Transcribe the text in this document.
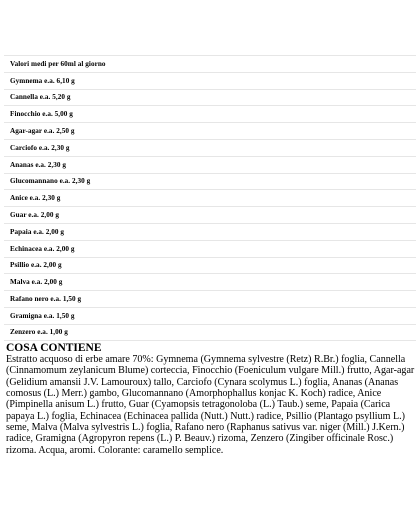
Valori medi per 60ml al giorno
Gymnema e.a. 6,10 g
Cannella e.a. 5,20 g
Finocchio e.a. 5,00 g
Agar-agar e.a. 2,50 g
Carciofo e.a. 2,30 g
Ananas e.a. 2,30 g
Glucomannano e.a. 2,30 g
Anice e.a. 2,30 g
Guar e.a. 2,00 g
Papaia e.a. 2,00 g
Echinacea e.a. 2,00 g
Psillio e.a. 2,00 g
Malva e.a. 2,00 g
Rafano nero e.a. 1,50 g
Gramigna e.a. 1,50 g
Zenzero e.a. 1,00 g
COSA CONTIENE

Estratto acquoso di erbe amare 70%: Gymnema (Gymnema sylvestre (Retz) R.Br.) foglia, Cannella (Cinnamomum zeylanicum Blume) corteccia, Finocchio (Foeniculum vulgare Mill.) frutto, Agar-agar (Gelidium amansii J.V. Lamouroux) tallo, Carciofo (Cynara scolymus L.) foglia, Ananas (Ananas comosus (L.) Merr.) gambo, Glucomannano (Amorphophallus konjac K. Koch) radice, Anice (Pimpinella anisum L.) frutto, Guar (Cyamopsis tetragonoloba (L.) Taub.) seme, Papaia (Carica papaya L.) foglia, Echinacea (Echinacea pallida (Nutt.) Nutt.) radice, Psillio (Plantago psyllium L.) seme, Malva (Malva sylvestris L.) foglia, Rafano nero (Raphanus sativus var. niger (Mill.) J.Kern.) radice, Gramigna (Agropyron repens (L.) P. Beauv.) rizoma, Zenzero (Zingiber officinale Rosc.) rizoma. Acqua, aromi. Colorante: caramello semplice.
